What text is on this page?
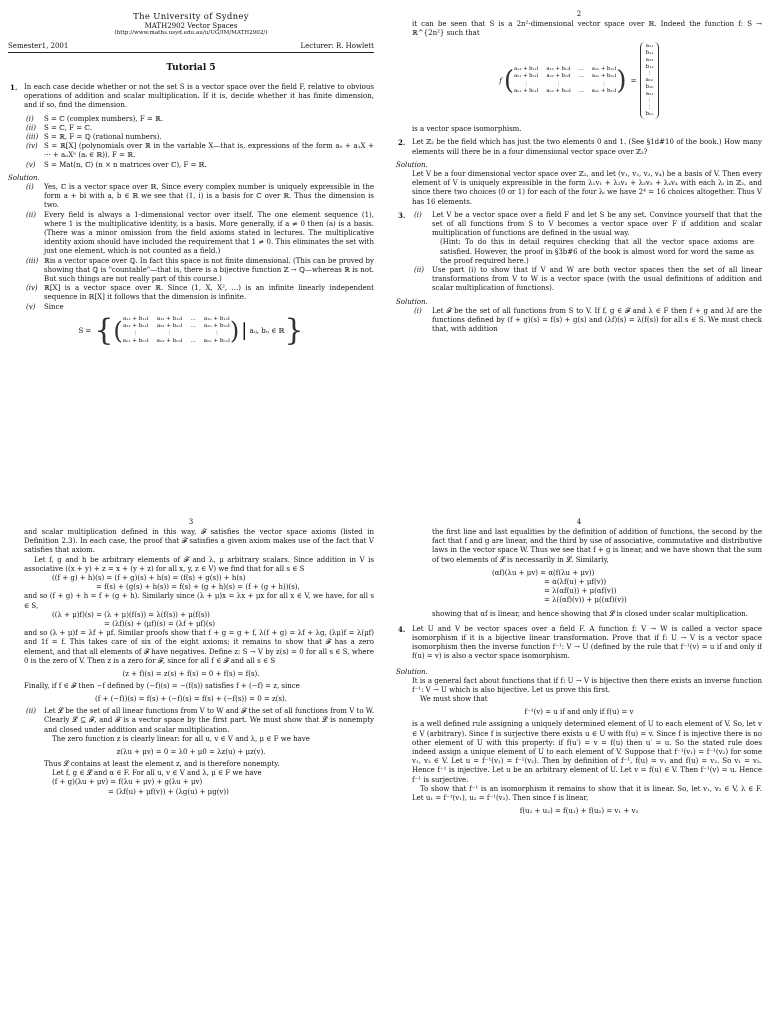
The University of Sydney
MATH2902 Vector Spaces
(http://www.maths.usyd.edu.au/u/UG/IM/MATH2902/)
Semester1, 2001	Lecturer: R. Howlett
Tutorial 5
1. In each case decide whether or not the set S is a vector space over the field F, relative to obvious operations of addition and scalar multiplication. If it is, decide whether it has finite dimension, and if so, find the dimension.
(i) S = ℂ (complex numbers), F = ℝ.
(ii) S = ℂ, F = ℂ.
(iii) S = ℝ, F = ℚ (rational numbers).
(iv) S = ℝ[X] (polynomials over ℝ in the variable X—that is, expressions of the form a₀ + a₁X + ··· + aₙXⁿ (aᵢ ∈ ℝ)). F = ℝ.
(v) S = Mat(n, ℂ) (n × n matrices over ℂ), F = ℝ.
Solution.
(i) Yes, ℂ is a vector space over ℝ. Since every complex number is uniquely expressible in the form a + bi with a, b ∈ ℝ we see that (1, i) is a basis for ℂ over ℝ. Thus the dimension is two.
(ii) Every field is always a 1-dimensional vector over itself. The one element sequence (1), where 1 is the multiplicative identity, is a basis. More generally, if a ≠ 0 then (a) is a basis. (There was a minor omission from the field axioms stated in lectures. The multiplicative identity axiom should have included the requirement that 1 ≠ 0. This eliminates the set with just one element, which is not counted as a field.)
(iii) ℝis a vector space over ℚ. In fact this space is not finite dimensional. (This can be proved by showing that ℚ is "countable"—that is, there is a bijective function ℤ → ℚ—whereas ℝ is not. But such things are not really part of this course.)
(iv) ℝ[X] is a vector space over ℝ. Since (1, X, X², ...) is an infinite linearly independent sequence in ℝ[X] it follows that the dimension is infinite.
(v) Since
S = { ( a₁₁ + b₁₁i a₁₂ + b₁₂i ... a₁ₙ + b₁ₙi
a₂₁ + b₂₁i a₂₂ + b₂₂i ... a₂ₙ + b₂ₙi
⋮	⋮	⋮
aₙ₁ + bₙ₁i aₙ₂ + bₙ₂i ... aₙₙ + bₙₙi ) | aᵢⱼ, bᵢⱼ ∈ ℝ }
2
it can be seen that S is a 2n²-dimensional vector space over ℝ. Indeed the function f: S → ℝ^{2n²} such that
f ( a₁₁ + b₁₁i a₁₂ + b₁₂i ... a₁ₙ + b₁ₙi
a₂₁ + b₂₁i a₂₂ + b₂₂i ... a₂ₙ + b₂ₙi
⋮	⋮	⋮
aₙ₁ + bₙ₁i aₙ₂ + bₙ₂i ... aₙₙ + bₙₙi ) =
a₁₁
b₁₁
a₁₂
b₁₂
⋮
a₁ₙ
b₁ₙ
a₂₁
⋮
⋮
bₙₙ
is a vector space isomorphism.
2. Let ℤ₂ be the field which has just the two elements 0 and 1. (See §1d#10 of the book.) How many elements will there be in a four dimensional vector space over ℤ₂?
Solution.
Let V be a four dimensional vector space over ℤ₂, and let (v₁, v₂, v₃, v₄) be a basis of V. Then every element of V is uniquely expressible in the form λ₁v₁ + λ₂v₂ + λ₃v₃ + λ₄v₄ with each λᵢ in ℤ₂, and since there two choices (0 or 1) for each of the four λᵢ we have 2⁴ = 16 choices altogether. Thus V has 16 elements.
3. (i) Let V be a vector space over a field F and let S be any set. Convince yourself that that the set of all functions from S to V becomes a vector space over F if addition and scalar multiplication of functions are defined in the usual way.
(Hint: To do this in detail requires checking that all the vector space axioms are satisfied. However, the proof in §3b#6 of the book is almost word for word the same as the proof required here.)
(ii) Use part (i) to show that if V and W are both vector spaces then the set of all linear transformations from V to W is a vector space (with the usual definitions of addition and scalar multiplication of functions).
Solution.
(i) Let 𝓕 be the set of all functions from S to V. If f, g ∈ 𝓕 and λ ∈ F then f + g and λf are the functions defined by (f + g)(s) = f(s) + g(s) and (λf)(s) = λ(f(s)) for all s ∈ S. We must check that, with addition
3
and scalar multiplication defined in this way, 𝓕 satisfies the vector space axioms (listed in Definition 2.3). In each case, the proof that 𝓕 satisfies a given axiom makes use of the fact that V satisfies that axiom.
Let f, g and h be arbitrary elements of 𝓕 and λ, μ arbitrary scalars. Since addition in V is associative ((x + y) + z = x + (y + z) for all x, y, z ∈ V) we find that for all s ∈ S
((f + g) + h)(s) = (f + g)(s) + h(s) = (f(s) + g(s)) + h(s)
= f(s) + (g(s) + h(s)) = f(s) + (g + h)(s) = (f + (g + h))(s),
and so (f + g) + h = f + (g + h). Similarly since (λ + μ)x = λx + μx for all x ∈ V, we have, for all s ∈ S,
((λ + μ)f)(s) = (λ + μ)(f(s)) = λ(f(s)) + μ(f(s))
= (λf)(s) + (μf)(s) = (λf + μf)(s)
and so (λ + μ)f = λf + μf. Similar proofs show that f + g = g + f, λ(f + g) = λf + λg, (λμ)f = λ(μf) and 1f = f. This takes care of six of the eight axioms; it remains to show that 𝓕 has a zero element, and that all elements of 𝓕 have negatives. Define z: S → V by z(s) = 0 for all s ∈ S, where 0 is the zero of V. Then z is a zero for 𝓕, since for all f ∈ 𝓕 and all s ∈ S
(z + f)(s) = z(s) + f(s) = 0 + f(s) = f(s).
Finally, if f ∈ 𝓕 then −f defined by (−f)(s) = −(f(s)) satisfies f + (−f) = z, since
(f + (−f))(s) = f(s) + (−f)(s) = f(s) + (−f(s)) = 0 = z(s).
(ii) Let 𝓛 be the set of all linear functions from V to W and 𝓕 the set of all functions from V to W. Clearly 𝓛 ⊆ 𝓕, and 𝓕 is a vector space by the first part. We must show that 𝓛 is nonempty and closed under addition and scalar multiplication.
The zero function z is clearly linear: for all u, v ∈ V and λ, μ ∈ F we have
z(λu + μv) = 0 = λ0 + μ0 = λz(u) + μz(v).
Thus 𝓛 contains at least the element z, and is therefore nonempty.
Let f, g ∈ 𝓛 and α ∈ F. For all u, v ∈ V and λ, μ ∈ F we have
(f + g)(λu + μv) = f(λu + μv) + g(λu + μv)
= (λf(u) + μf(v)) + (λg(u) + μg(v))
4
the first line and last equalities by the definition of addition of functions, the second by the fact that f and g are linear, and the third by use of associative, commutative and distributive laws in the vector space W. Thus we see that f + g is linear, and we have shown that the sum of two elements of 𝓛 is necessarily in 𝓛. Similarly,
(αf)(λu + μv) = α(f(λu + μv))
= α(λf(u) + μf(v))
= λ(αf(u)) + μ(αf(v))
= λ((αf)(v)) + μ((αf)(v))
showing that αf is linear, and hence showing that 𝓛 is closed under scalar multiplication.
4. Let U and V be vector spaces over a field F. A function f: V → W is called a vector space isomorphism if it is a bijective linear transformation. Prove that if f: U → V is a vector space isomorphism then the inverse function f⁻¹: V → U (defined by the rule that f⁻¹(v) = u if and only if f(u) = v) is also a vector space isomorphism.
Solution.
It is a general fact about functions that if f: U → V is bijective then there exists an inverse function f⁻¹: V → U which is also bijective. Let us prove this first.
We must show that
f⁻¹(v) = u if and only if f(u) = v
is a well defined rule assigning a uniquely determined element of U to each element of V. So, let v ∈ V (arbitrary). Since f is surjective there exists u ∈ U with f(u) = v. Since f is injective there is no other element of U with this property: if f(u′) = v = f(u) then u′ = u. So the stated rule does indeed assign a unique element of U to each element of V. Suppose that f⁻¹(v₁) = f⁻¹(v₂) for some v₁, v₂ ∈ V. Let u = f⁻¹(v₁) = f⁻¹(v₂). Then by definition of f⁻¹, f(u) = v₁ and f(u) = v₂. So v₁ = v₂. Hence f⁻¹ is injective. Let u be an arbitrary element of U. Let v = f(u) ∈ V. Then f⁻¹(v) = u. Hence f⁻¹ is surjective.
To show that f⁻¹ is an isomorphism it remains to show that it is linear. So, let v₁, v₂ ∈ V, λ ∈ F. Let u₁ = f⁻¹(v₁), u₂ = f⁻¹(v₂). Then since f is linear,
f(u₁ + u₂) = f(u₁) + f(u₂) = v₁ + v₂
